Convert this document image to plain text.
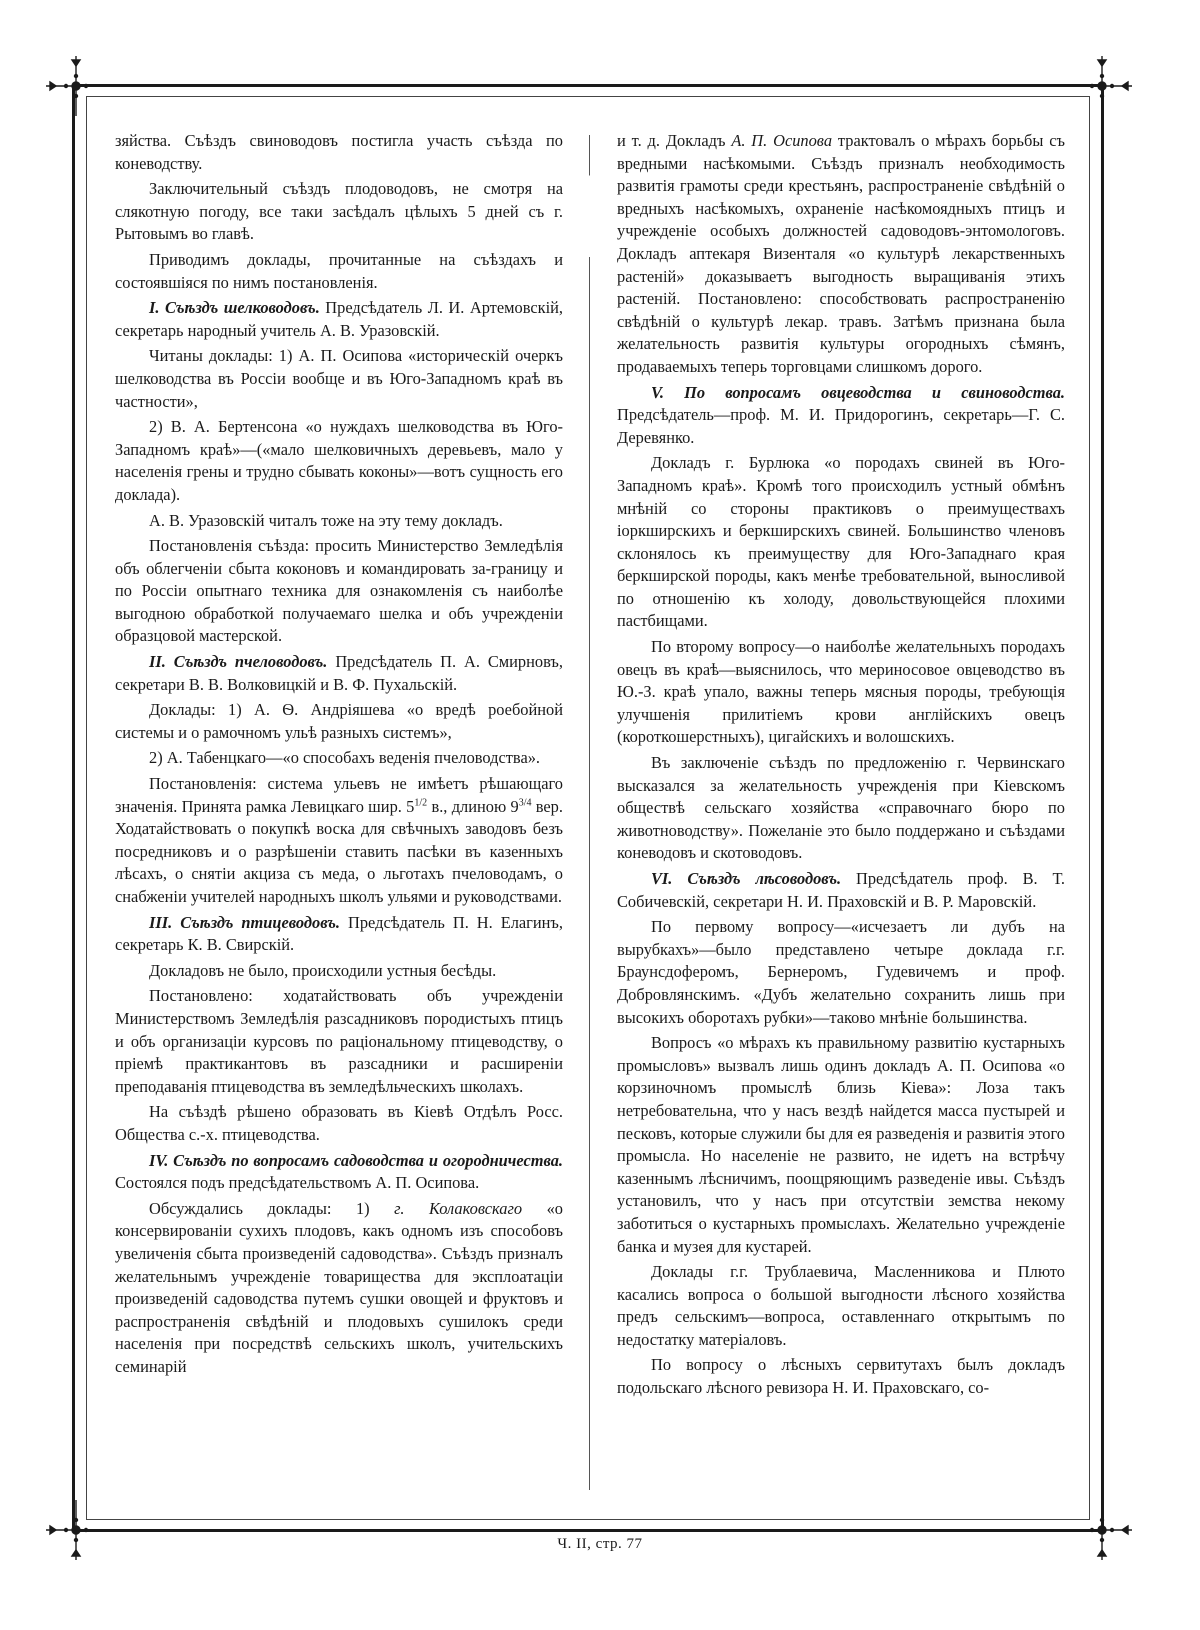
зяйства. Съѣздъ свиноводовъ постигла участь съѣзда по коневодству.

Заключительный съѣздъ плодоводовъ, не смотря на слякотную погоду, все таки засѣдалъ цѣлыхъ 5 дней съ г. Рытовымъ во главѣ.

Приводимъ доклады, прочитанные на съѣздахъ и состоявшiяся по нимъ постановленiя.

I. Съѣздъ шелководовъ. Предсѣдатель Л. И. Артемовскiй, секретарь народный учитель А. В. Уразовскiй.

Читаны доклады: 1) А. П. Осипова «историческiй очеркъ шелководства въ Россiи вообще и въ Юго-Западномъ краѣ въ частности»,

2) В. А. Бертенсона «о нуждахъ шелководства въ Юго-Западномъ краѣ»—(«мало шелковичныхъ деревьевъ, мало у населенiя грены и трудно сбывать коконы»—вотъ сущность его доклада).

А. В. Уразовскiй читалъ тоже на эту тему докладъ.

Постановленiя съѣзда: просить Министерство Земледѣлiя объ облегченiи сбыта коконовъ и командировать за-границу и по Россiи опытнаго техника для ознакомленiя съ наиболѣе выгодною обработкой получаемаго шелка и объ учрежденiи образцовой мастерской.

II. Съѣздъ пчеловодовъ. Предсѣдатель П. А. Смирновъ, секретари В. В. Волковицкiй и В. Ф. Пухальскiй.

Доклады: 1) А. Ѳ. Андрiяшева «о вредѣ роебойной системы и о рамочномъ ульѣ разныхъ системъ»,

2) А. Табенцкаго—«о способахъ веденiя пчеловодства».

Постановленiя: система ульевъ не имѣетъ рѣшающаго значенiя. Принята рамка Левицкаго шир. $5^{1/2}$ в., длиною $9^{3/4}$ вер. Ходатайствовать о покупкѣ воска для свѣчныхъ заводовъ безъ посредниковъ и о разрѣшенiи ставить пасѣки въ казенныхъ лѣсахъ, о снятiи акциза съ меда, о льготахъ пчеловодамъ, о снабженiи учителей народныхъ школъ ульями и руководствами.

III. Съѣздъ птицеводовъ. Предсѣдатель П. Н. Елагинъ, секретарь К. В. Свирскiй.

Докладовъ не было, происходили устныя бесѣды.

Постановлено: ходатайствовать объ учрежденiи Министерствомъ Земледѣлiя разсадниковъ породистыхъ птицъ и объ организацiи курсовъ по рацiональному птицеводству, о прiемѣ практикантовъ въ разсадники и расширенiи преподаванiя птицеводства въ земледѣльческихъ школахъ.

На съѣздѣ рѣшено образовать въ Кiевѣ Отдѣлъ Росс. Общества с.-х. птицеводства.

IV. Съѣздъ по вопросамъ садоводства и огородничества. Состоялся подъ предсѣдательствомъ А. П. Осипова.

Обсуждались доклады: 1) г. Колаковскаго «о консервированiи сухихъ плодовъ, какъ одномъ изъ способовъ увеличенiя сбыта произведенiй садоводства». Съѣздъ призналъ желательнымъ учрежденiе товарищества для эксплоатацiи произведенiй садоводства путемъ сушки овощей и фруктовъ и распространенiя свѣдѣнiй и плодовыхъ сушилокъ среди населенiя при посредствѣ сельскихъ школъ, учительскихъ семинарiй

и т. д. Докладъ А. П. Осипова трактовалъ о мѣрахъ борьбы съ вредными насѣкомыми. Съѣздъ призналъ необходимость развитiя грамоты среди крестьянъ, распространенiе свѣдѣнiй о вредныхъ насѣкомыхъ, охраненiе насѣкомоядныхъ птицъ и учрежденiе особыхъ должностей садоводовъ-энтомологовъ. Докладъ аптекаря Визенталя «о культурѣ лекарственныхъ растенiй» доказываетъ выгодность выращиванiя этихъ растенiй. Постановлено: способствовать распространенiю свѣдѣнiй о культурѣ лекар. травъ. Затѣмъ признана была желательность развитiя культуры огородныхъ сѣмянъ, продаваемыхъ теперь торговцами слишкомъ дорого.

V. По вопросамъ овцеводства и свиноводства. Предсѣдатель—проф. М. И. Придорогинъ, секретарь—Г. С. Деревянко.

Докладъ г. Бурлюка «о породахъ свиней въ Юго-Западномъ краѣ». Кромѣ того происходилъ устный обмѣнъ мнѣнiй со стороны практиковъ о преимуществахъ iоркширскихъ и беркширскихъ свиней. Большинство членовъ склонялось къ преимуществу для Юго-Западнаго края беркширской породы, какъ менѣе требовательной, выносливой по отношенiю къ холоду, довольствующейся плохими пастбищами.

По второму вопросу—о наиболѣе желательныхъ породахъ овецъ въ краѣ—выяснилось, что мериносовое овцеводство въ Ю.-З. краѣ упало, важны теперь мясныя породы, требующiя улучшенiя прилитiемъ крови англiйскихъ овецъ (короткошерстныхъ), цигайскихъ и волошскихъ.

Въ заключенiе съѣздъ по предложенiю г. Червинскаго высказался за желательность учрежденiя при Кiевскомъ обществѣ сельскаго хозяйства «справочнаго бюро по животноводству». Пожеланiе это было поддержано и съѣздами коневодовъ и скотоводовъ.

VI. Съѣздъ лѣсоводовъ. Предсѣдатель проф. В. Т. Собичевскiй, секретари Н. И. Праховскiй и В. Р. Маровскiй.

По первому вопросу—«исчезаетъ ли дубъ на вырубкахъ»—было представлено четыре доклада г.г. Браунсдоферомъ, Бернеромъ, Гудевичемъ и проф. Добровлянскимъ. «Дубъ желательно сохранить лишь при высокихъ оборотахъ рубки»—таково мнѣнiе большинства.

Вопросъ «о мѣрахъ къ правильному развитiю кустарныхъ промысловъ» вызвалъ лишь одинъ докладъ А. П. Осипова «о корзиночномъ промыслѣ близь Кiева»: Лоза такъ нетребовательна, что у насъ вездѣ найдется масса пустырей и песковъ, которые служили бы для ея разведенiя и развитiя этого промысла. Но населенiе не развито, не идетъ на встрѣчу казеннымъ лѣсничимъ, поощряющимъ разведенiе ивы. Съѣздъ установилъ, что у насъ при отсутствiи земства некому заботиться о кустарныхъ промыслахъ. Желательно учрежденiе банка и музея для кустарей.

Доклады г.г. Трублаевича, Масленникова и Плюто касались вопроса о большой выгодности лѣсного хозяйства предъ сельскимъ—вопроса, оставленнаго открытымъ по недостатку матерiаловъ.

По вопросу о лѣсныхъ сервитутахъ былъ докладъ подольскаго лѣсного ревизора Н. И. Праховскаго, со-

Ч. II, стр. 77
